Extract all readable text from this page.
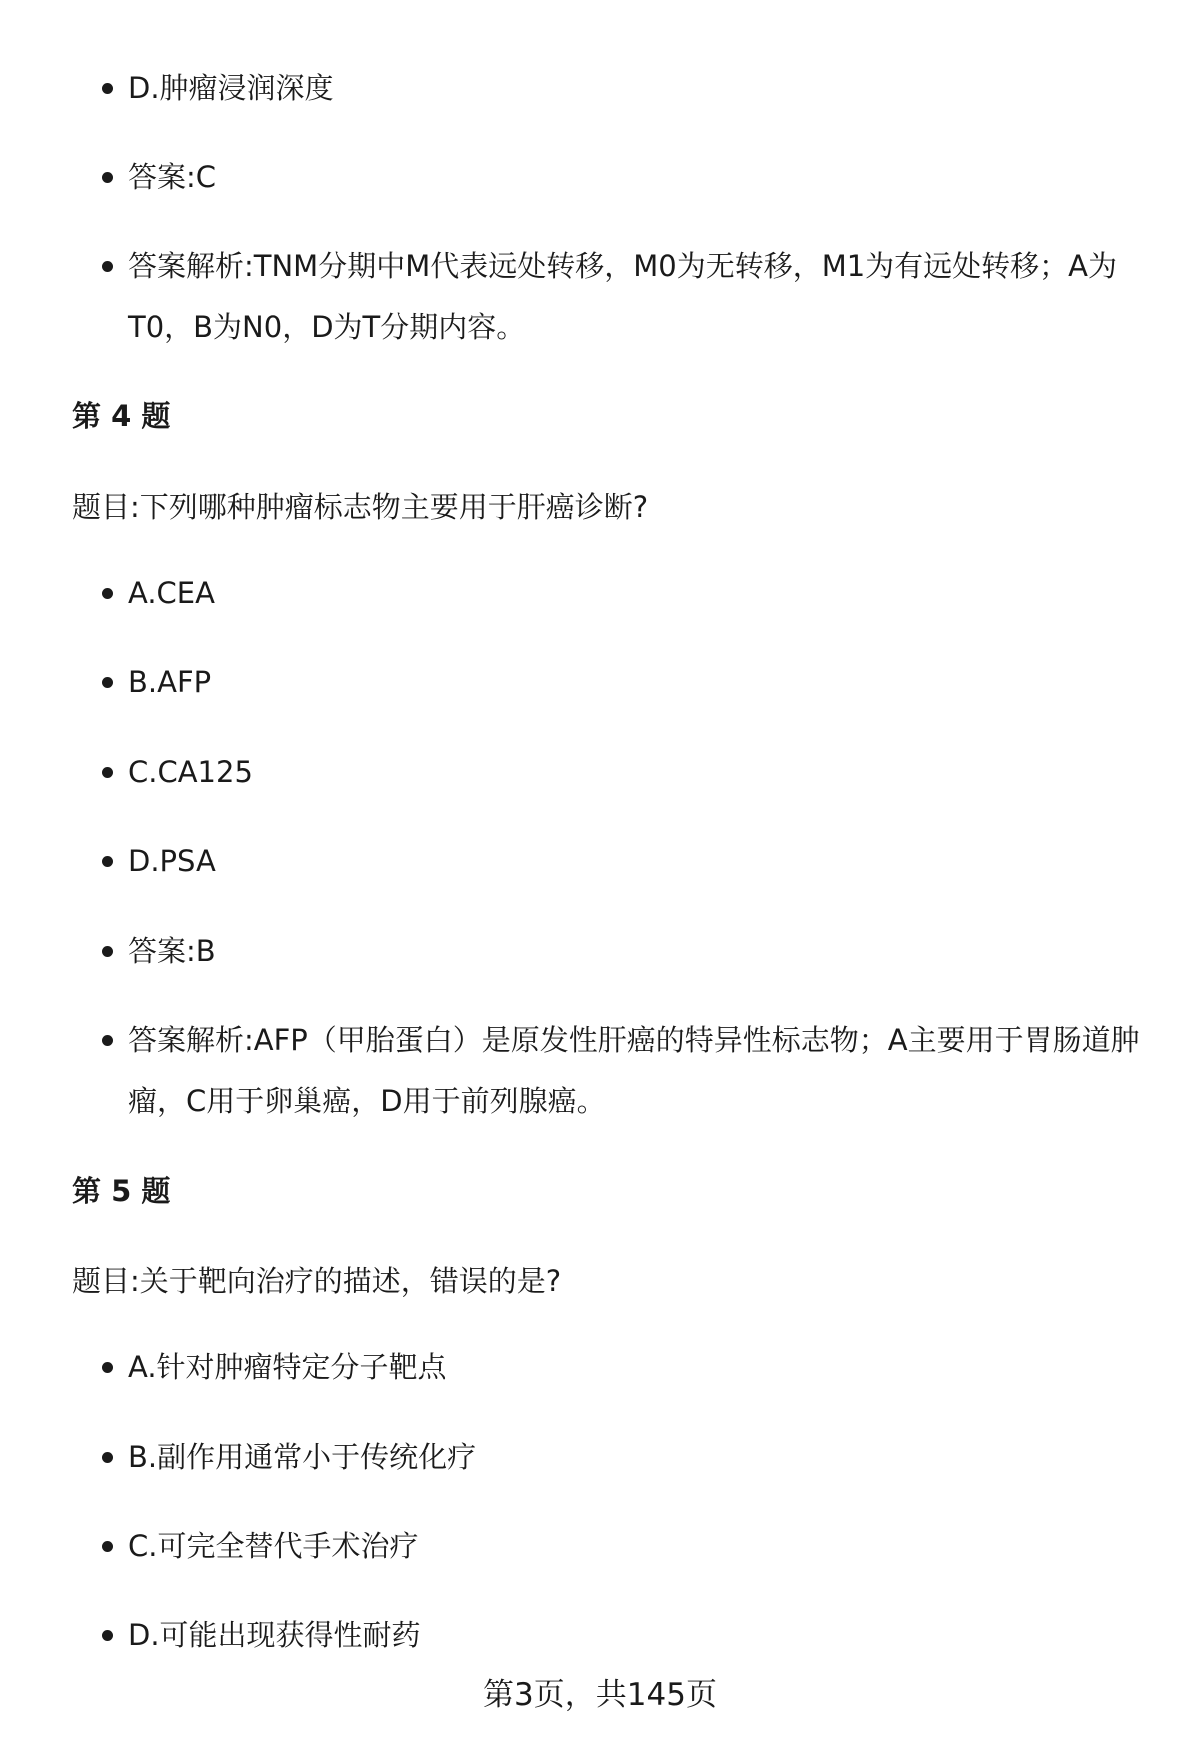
D.肿瘤浸润深度
答案:C
答案解析:TNM分期中M代表远处转移，M0为无转移，M1为有远处转移；A为T0，B为N0，D为T分期内容。
第 4 题
题目:下列哪种肿瘤标志物主要用于肝癌诊断?
A.CEA
B.AFP
C.CA125
D.PSA
答案:B
答案解析:AFP（甲胎蛋白）是原发性肝癌的特异性标志物；A主要用于胃肠道肿瘤，C用于卵巢癌，D用于前列腺癌。
第 5 题
题目:关于靶向治疗的描述，错误的是?
A.针对肿瘤特定分子靶点
B.副作用通常小于传统化疗
C.可完全替代手术治疗
D.可能出现获得性耐药
第3页，共145页
